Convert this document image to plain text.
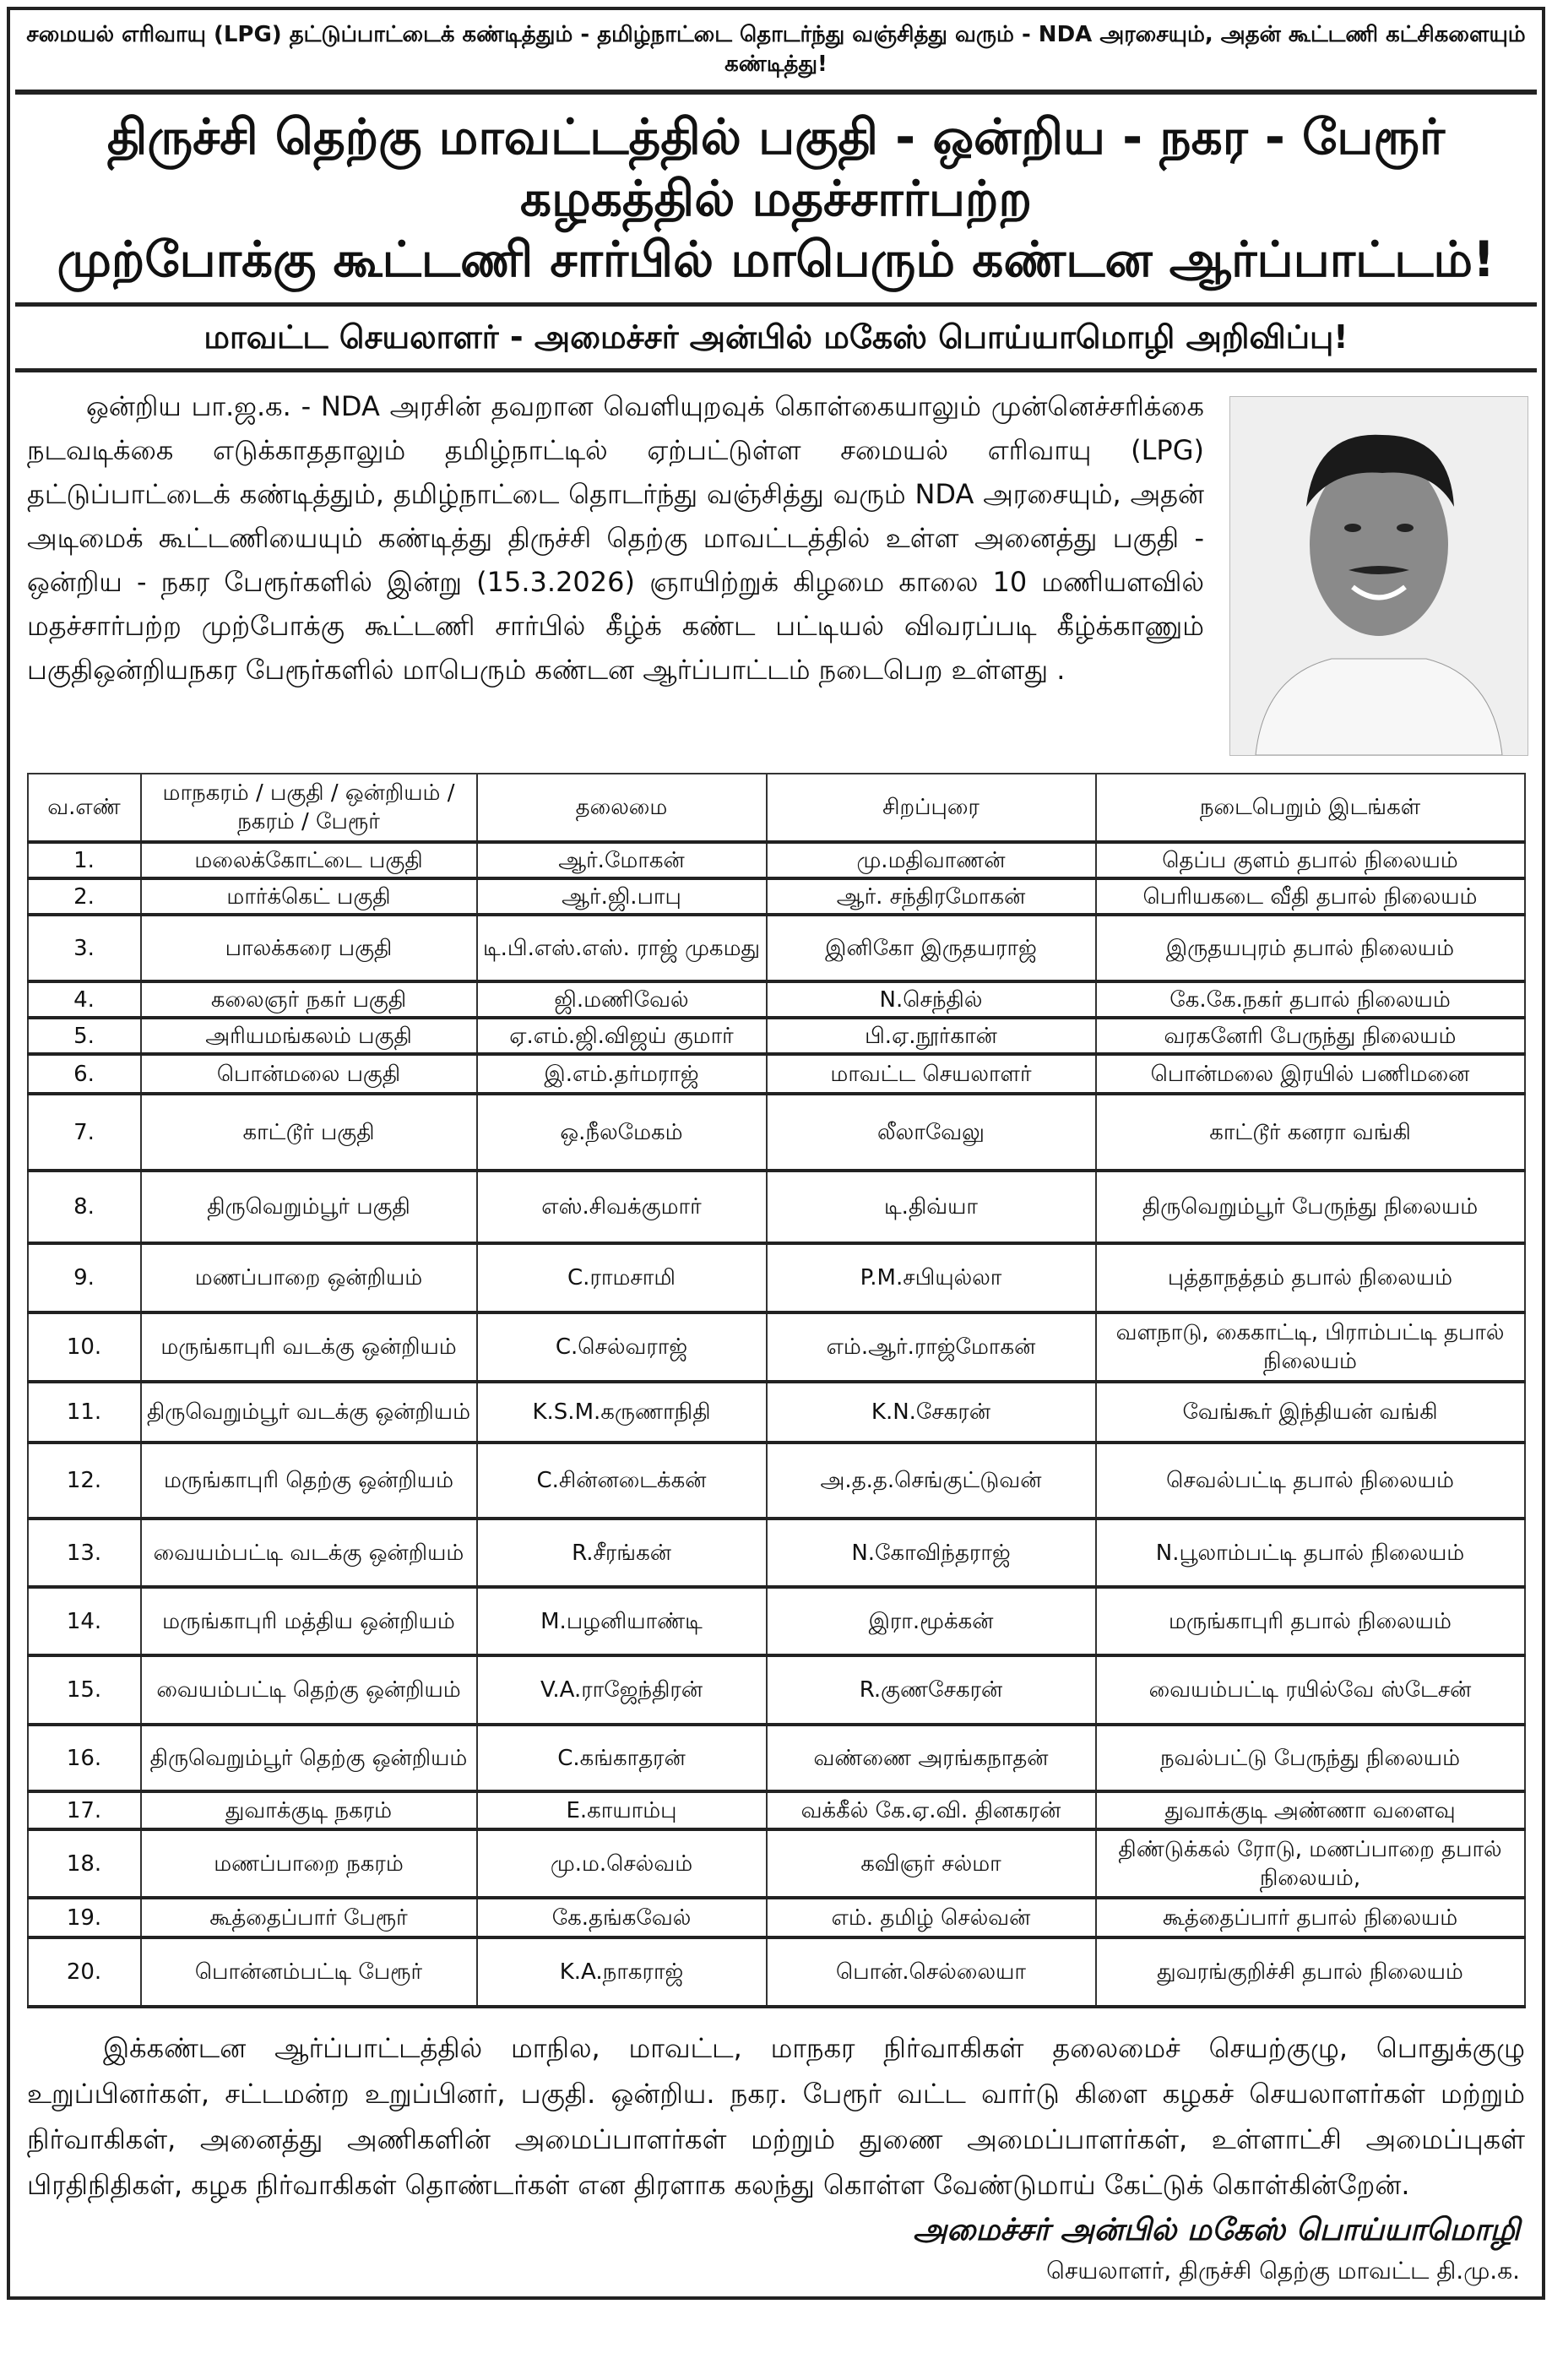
சமையல் எரிவாயு (LPG) தட்டுப்பாட்டைக் கண்டித்தும் - தமிழ்நாட்டை தொடர்ந்து வஞ்சித்து வரும் - NDA அரசையும், அதன் கூட்டணி கட்சிகளையும் கண்டித்து!
திருச்சி தெற்கு மாவட்டத்தில் பகுதி - ஒன்றிய - நகர - பேரூர் கழகத்தில் மதச்சார்பற்ற
முற்போக்கு கூட்டணி சார்பில் மாபெரும் கண்டன ஆர்ப்பாட்டம்!
மாவட்ட செயலாளர் - அமைச்சர் அன்பில் மகேஸ் பொய்யாமொழி அறிவிப்பு!
ஒன்றிய பா.ஜ.க. - NDA அரசின் தவறான வெளியுறவுக் கொள்கையாலும் முன்னெச்சரிக்கை நடவடிக்கை எடுக்காததாலும் தமிழ்நாட்டில் ஏற்பட்டுள்ள சமையல் எரிவாயு (LPG) தட்டுப்பாட்டைக் கண்டித்தும், தமிழ்நாட்டை தொடர்ந்து வஞ்சித்து வரும் NDA அரசையும், அதன் அடிமைக் கூட்டணியையும் கண்டித்து திருச்சி தெற்கு மாவட்டத்தில் உள்ள அனைத்து பகுதி - ஒன்றிய - நகர பேரூர்களில் இன்று (15.3.2026) ஞாயிற்றுக் கிழமை காலை 10 மணியளவில் மதச்சார்பற்ற முற்போக்கு கூட்டணி சார்பில் கீழ்க் கண்ட பட்டியல் விவரப்படி கீழ்க்காணும் பகுதிஒன்றியநகர பேரூர்களில் மாபெரும் கண்டன ஆர்ப்பாட்டம் நடைபெற உள்ளது .
வ.எண்	மாநகரம் / பகுதி / ஒன்றியம் / நகரம் / பேரூர்	தலைமை	சிறப்புரை	நடைபெறும் இடங்கள்
1.	மலைக்கோட்டை பகுதி	ஆர்.மோகன்	மு.மதிவாணன்	தெப்ப குளம் தபால் நிலையம்
2.	மார்க்கெட் பகுதி	ஆர்.ஜி.பாபு	ஆர். சந்திரமோகன்	பெரியகடை வீதி தபால் நிலையம்
3.	பாலக்கரை பகுதி	டி.பி.எஸ்.எஸ். ராஜ் முகமது	இனிகோ இருதயராஜ்	இருதயபுரம் தபால் நிலையம்
4.	கலைஞர் நகர் பகுதி	ஜி.மணிவேல்	N.செந்தில்	கே.கே.நகர் தபால் நிலையம்
5.	அரியமங்கலம் பகுதி	ஏ.எம்.ஜி.விஜய் குமார்	பி.ஏ.நூர்கான்	வரகனேரி பேருந்து நிலையம்
6.	பொன்மலை பகுதி	இ.எம்.தர்மராஜ்	மாவட்ட செயலாளர்	பொன்மலை இரயில் பணிமனை
7.	காட்டூர் பகுதி	ஒ.நீலமேகம்	லீலாவேலு	காட்டூர் கனரா வங்கி
8.	திருவெறும்பூர் பகுதி	எஸ்.சிவக்குமார்	டி.திவ்யா	திருவெறும்பூர் பேருந்து நிலையம்
9.	மணப்பாறை ஒன்றியம்	C.ராமசாமி	P.M.சபியுல்லா	புத்தாநத்தம் தபால் நிலையம்
10.	மருங்காபுரி வடக்கு ஒன்றியம்	C.செல்வராஜ்	எம்.ஆர்.ராஜ்மோகன்	வளநாடு, கைகாட்டி, பிராம்பட்டி தபால் நிலையம்
11.	திருவெறும்பூர் வடக்கு ஒன்றியம்	K.S.M.கருணாநிதி	K.N.சேகரன்	வேங்கூர் இந்தியன் வங்கி
12.	மருங்காபுரி தெற்கு ஒன்றியம்	C.சின்னடைக்கன்	அ.த.த.செங்குட்டுவன்	செவல்பட்டி தபால் நிலையம்
13.	வையம்பட்டி வடக்கு ஒன்றியம்	R.சீரங்கன்	N.கோவிந்தராஜ்	N.பூலாம்பட்டி தபால் நிலையம்
14.	மருங்காபுரி மத்திய ஒன்றியம்	M.பழனியாண்டி	இரா.மூக்கன்	மருங்காபுரி தபால் நிலையம்
15.	வையம்பட்டி தெற்கு ஒன்றியம்	V.A.ராஜேந்திரன்	R.குணசேகரன்	வையம்பட்டி ரயில்வே ஸ்டேசன்
16.	திருவெறும்பூர் தெற்கு ஒன்றியம்	C.கங்காதரன்	வண்ணை அரங்கநாதன்	நவல்பட்டு பேருந்து நிலையம்
17.	துவாக்குடி நகரம்	E.காயாம்பு	வக்கீல் கே.ஏ.வி. தினகரன்	துவாக்குடி அண்ணா வளைவு
18.	மணப்பாறை நகரம்	மு.ம.செல்வம்	கவிஞர் சல்மா	திண்டுக்கல் ரோடு, மணப்பாறை தபால் நிலையம்,
19.	கூத்தைப்பார் பேரூர்	கே.தங்கவேல்	எம். தமிழ் செல்வன்	கூத்தைப்பார் தபால் நிலையம்
20.	பொன்னம்பட்டி பேரூர்	K.A.நாகராஜ்	பொன்.செல்லையா	துவரங்குறிச்சி தபால் நிலையம்
இக்கண்டன ஆர்ப்பாட்டத்தில் மாநில, மாவட்ட, மாநகர நிர்வாகிகள் தலைமைச் செயற்குழு, பொதுக்குழு உறுப்பினர்கள், சட்டமன்ற உறுப்பினர், பகுதி. ஒன்றிய. நகர. பேரூர் வட்ட வார்டு கிளை கழகச் செயலாளர்கள் மற்றும் நிர்வாகிகள், அனைத்து அணிகளின் அமைப்பாளர்கள் மற்றும் துணை அமைப்பாளர்கள், உள்ளாட்சி அமைப்புகள் பிரதிநிதிகள், கழக நிர்வாகிகள் தொண்டர்கள் என திரளாக கலந்து கொள்ள வேண்டுமாய் கேட்டுக் கொள்கின்றேன்.
அமைச்சர் அன்பில் மகேஸ் பொய்யாமொழி
செயலாளர், திருச்சி தெற்கு மாவட்ட தி.மு.க.
